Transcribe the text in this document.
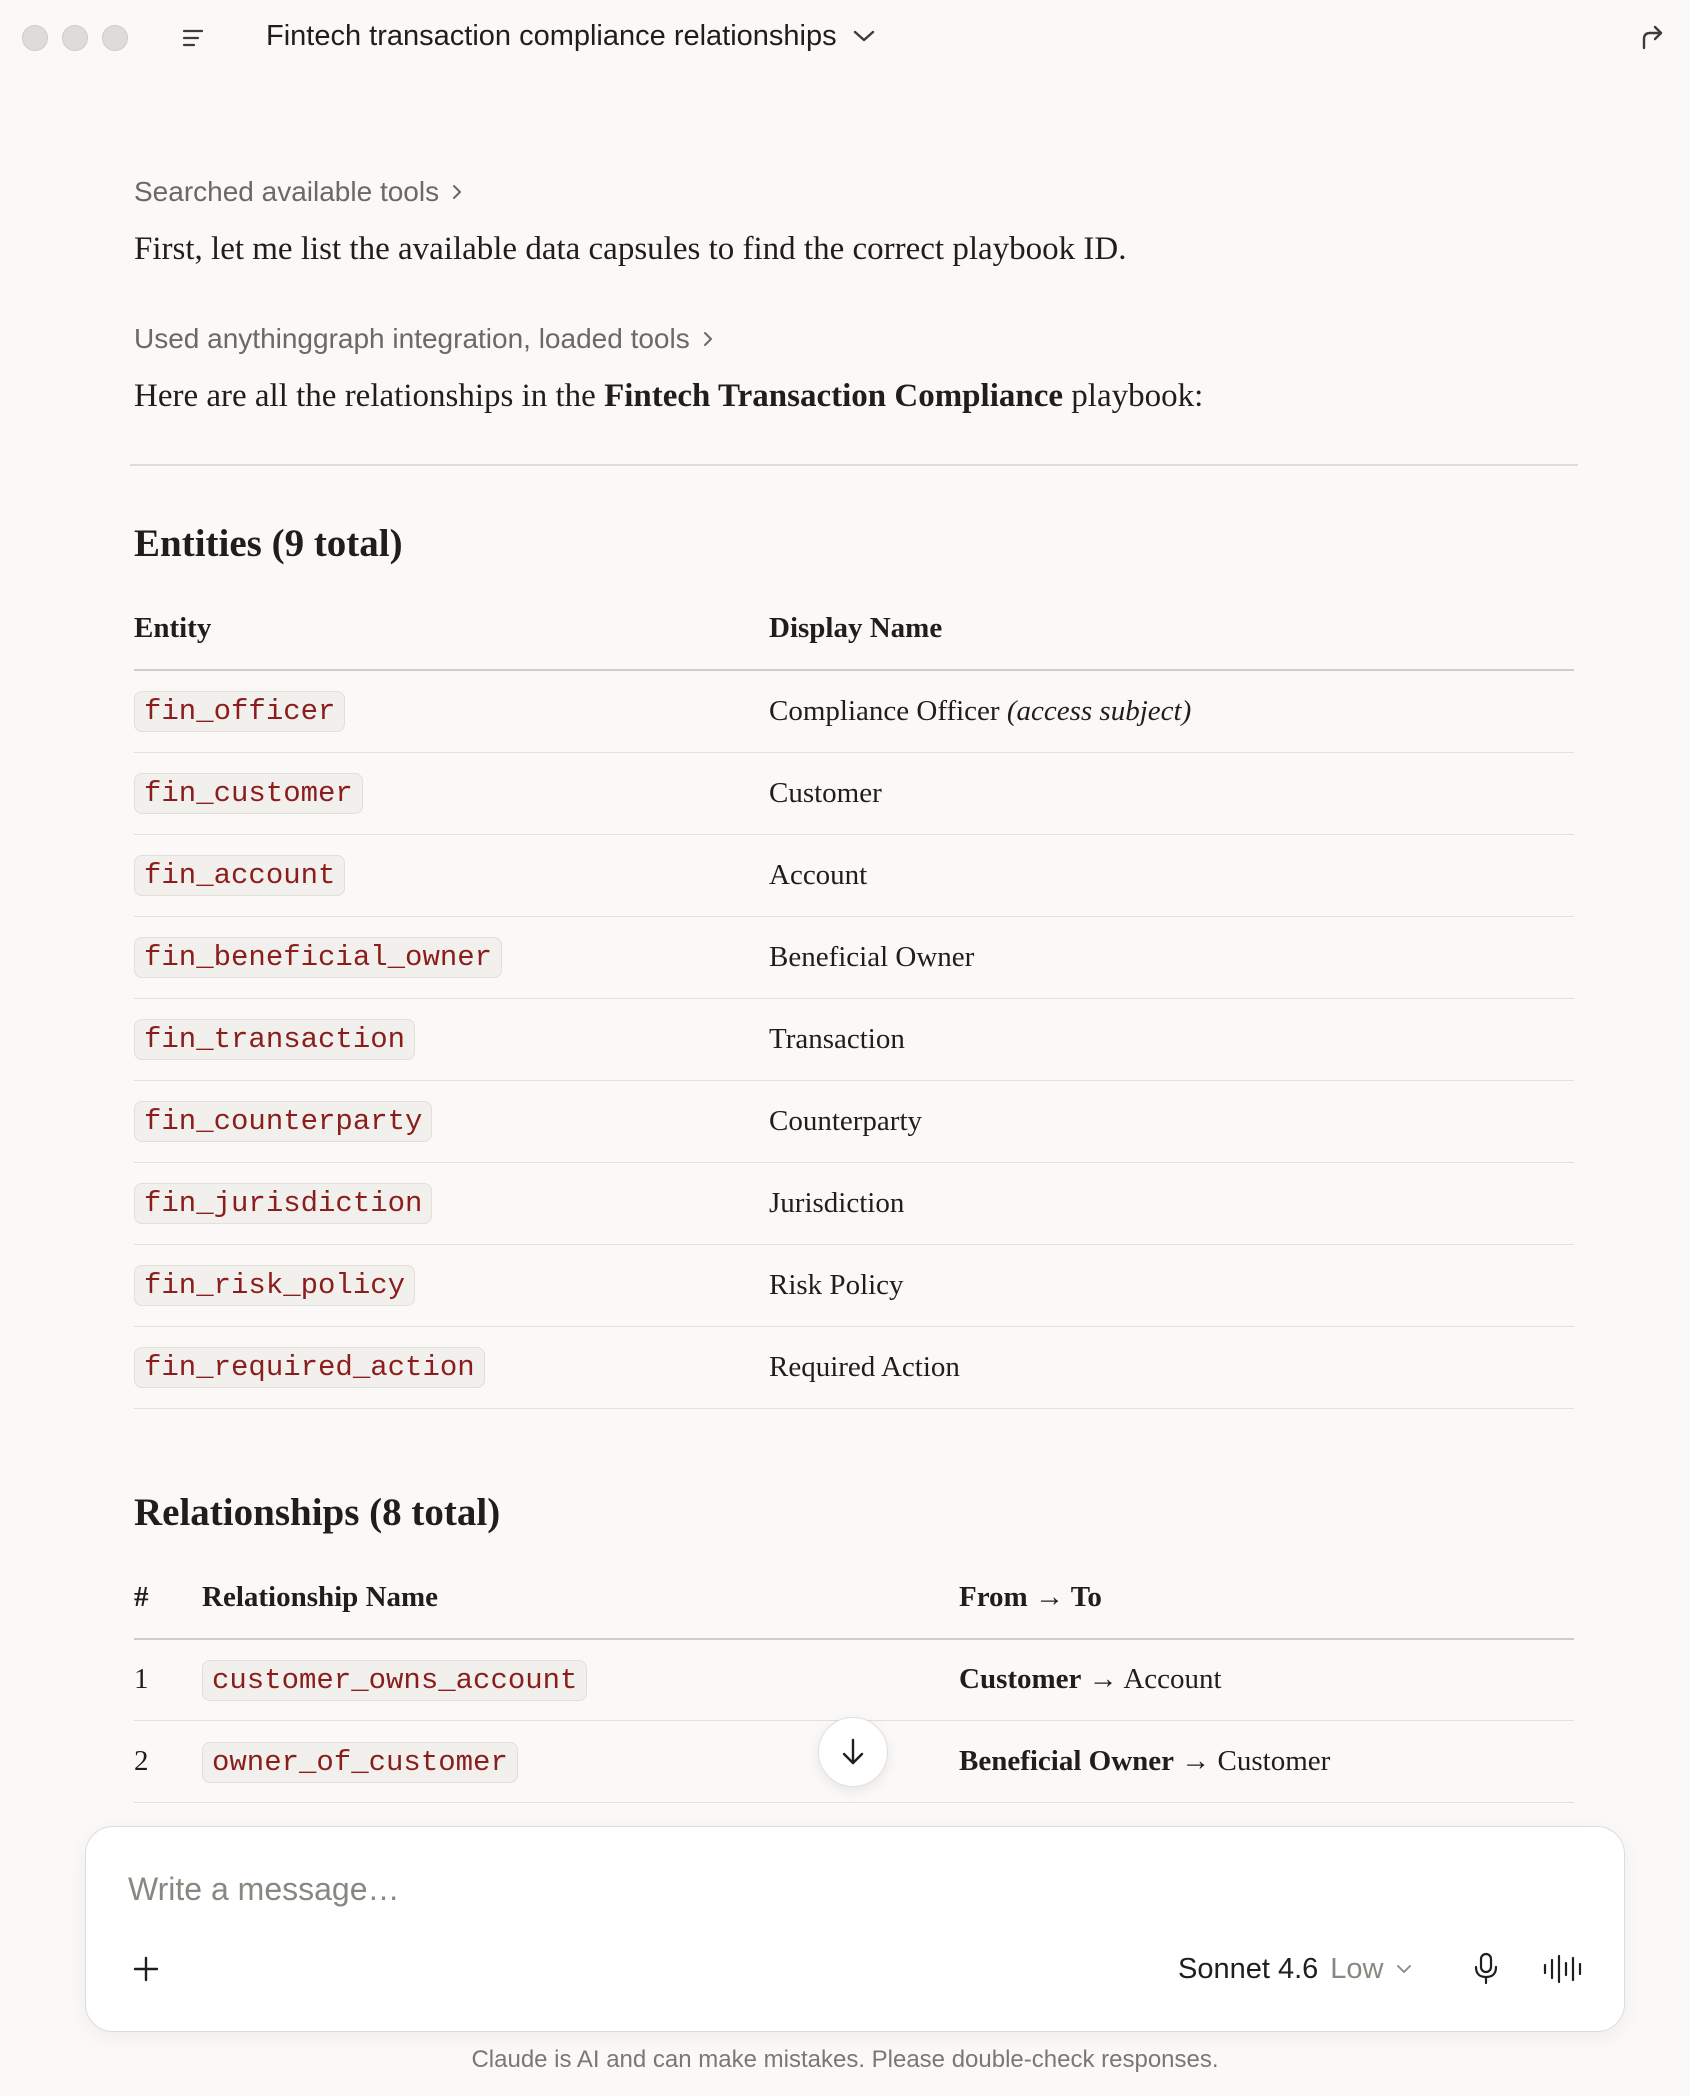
Fintech transaction compliance relationships
Searched available tools

First, let me list the available data capsules to find the correct playbook ID.

Used anythinggraph integration, loaded tools

Here are all the relationships in the Fintech Transaction Compliance playbook:

Entities (9 total)
Entity	Display Name
fin_officer	Compliance Officer (access subject)
fin_customer	Customer
fin_account	Account
fin_beneficial_owner	Beneficial Owner
fin_transaction	Transaction
fin_counterparty	Counterparty
fin_jurisdiction	Jurisdiction
fin_risk_policy	Risk Policy
fin_required_action	Required Action
Relationships (8 total)
#	Relationship Name	From → To
1	customer_owns_account	Customer → Account
2	owner_of_customer	Beneficial Owner → Customer
Write a message…
Sonnet 4.6 Low
Claude is AI and can make mistakes. Please double-check responses.
